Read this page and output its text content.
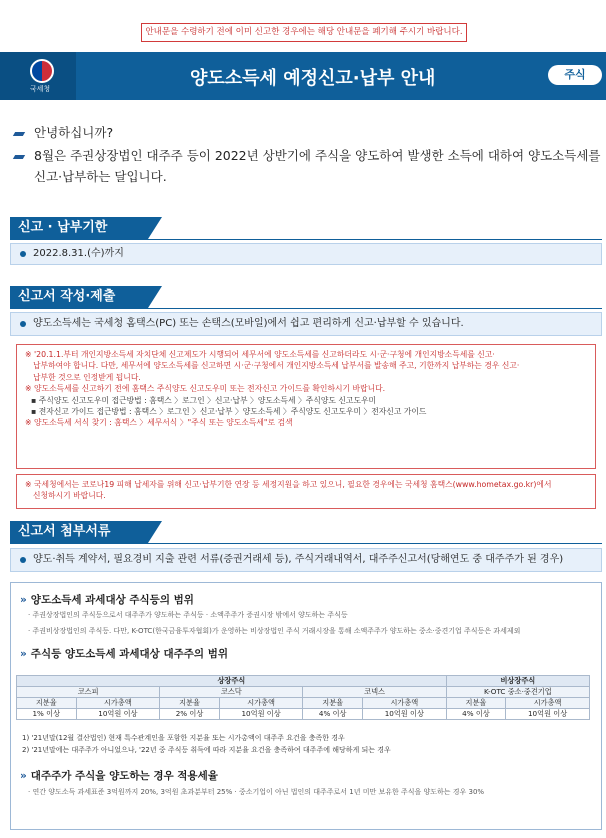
안내문을 수령하기 전에 이미 신고한 경우에는 해당 안내문을 폐기해 주시기 바랍니다.
국세청	양도소득세 예정신고·납부 안내	주식
안녕하십니까?
8월은 주권상장법인 대주주 등이 2022년 상반기에 주식을 양도하여 발생한 소득에 대하여 양도소득세를
신고·납부하는 달입니다.
신고 · 납부기한
2022.8.31.(수)까지
신고서 작성·제출
양도소득세는 국세청 홈택스(PC) 또는 손택스(모바일)에서 쉽고 편리하게 신고·납부할 수 있습니다.
※ '20.1.1.부터 개인지방소득세 자치단체 신고제도가 시행되어 세무서에 양도소득세를 신고하더라도 시·군·구청에 개인지방소득세를 신고·
납부하여야 합니다. 다만, 세무서에 양도소득세를 신고하면 시·군·구청에서 개인지방소득세 납부서를 발송해 주고, 기한까지 납부하는 경우 신고·
납부한 것으로 인정받게 됩니다.
※ 양도소득세를 신고하기 전에 홈택스 주식양도 신고도우미 또는 전자신고 가이드를 확인하시기 바랍니다.
▪ 주식양도 신고도우미 접근방법 : 홈택스 〉로그인 〉신고·납부 〉양도소득세 〉주식양도 신고도우미
▪ 전자신고 가이드 접근방법 : 홈택스 〉로그인 〉신고·납부 〉양도소득세 〉주식양도 신고도우미 〉전자신고 가이드
※ 양도소득세 서식 찾기 : 홈택스 〉세무서식 〉"주식 또는 양도소득세"로 검색
※ 국세청에서는 코로나19 피해 납세자를 위해 신고·납부기한 연장 등 세정지원을 하고 있으니, 필요한 경우에는 국세청 홈택스(www.hometax.go.kr)에서
신청하시기 바랍니다.
신고서 첨부서류
양도·취득 계약서, 필요경비 지출 관련 서류(증권거래세 등), 주식거래내역서, 대주주신고서(당해연도 중 대주주가 된 경우)
» 양도소득세 과세대상 주식등의 범위
· 주권상장법인의 주식등으로서 대주주가 양도하는 주식등 · 소액주주가 증권시장 밖에서 양도하는 주식등
· 주권비상장법인의 주식등. 다만, K-OTC(한국금융투자협회)가 운영하는 비상장법인 주식 거래시장을 통해 소액주주가 양도하는 중소·중견기업 주식등은 과세제외
» 주식등 양도소득세 과세대상 대주주의 범위
상장주식						비상장주식	
코스피		코스닥		코넥스		K-OTC 중소·중견기업	
지분율	시가총액	지분율	시가총액	지분율	시가총액	지분율	시가총액
1% 이상	10억원 이상	2% 이상	10억원 이상	4% 이상	10억원 이상	4% 이상	10억원 이상
1) '21년말(12월 결산법인) 현재 특수관계인을 포함한 지분율 또는 시가총액이 대주주 요건을 충족한 경우
2) '21년말에는 대주주가 아니었으나, '22년 중 주식등 취득에 따라 지분율 요건을 충족하여 대주주에 해당하게 되는 경우
» 대주주가 주식을 양도하는 경우 적용세율
· 연간 양도소득 과세표준 3억원까지 20%, 3억원 초과분부터 25% · 중소기업이 아닌 법인의 대주주로서 1년 미만 보유한 주식을 양도하는 경우 30%
